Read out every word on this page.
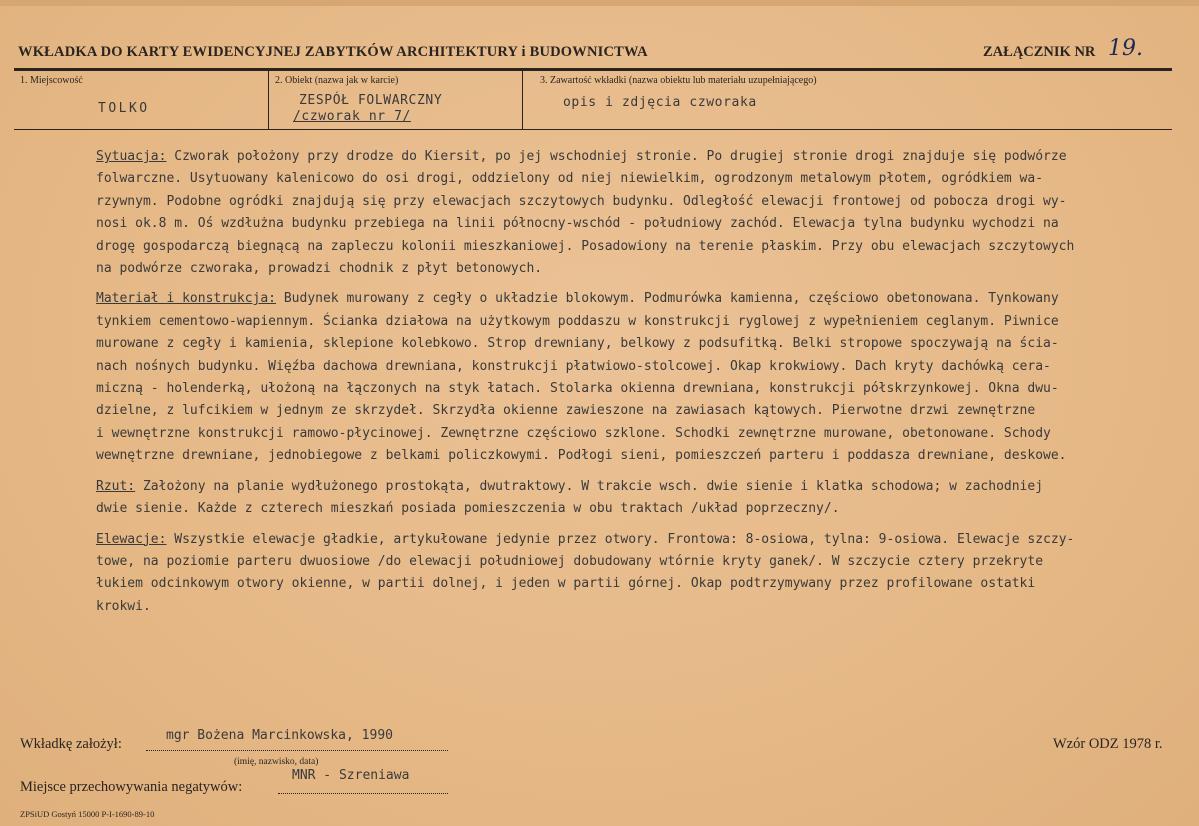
WKŁADKA DO KARTY EWIDENCYJNEJ ZABYTKÓW ARCHITEKTURY i BUDOWNICTWA	ZAŁĄCZNIK NR 19.
1. Miejscowość
TOLKO
2. Obiekt (nazwa jak w karcie)
ZESPÓŁ FOLWARCZNY
/czworak nr 7/
3. Zawartość wkładki (nazwa obiektu lub materiału uzupełniającego)
opis i zdjęcia czworaka

Sytuacja: Czworak położony przy drodze do Kiersit, po jej wschodniej stronie. Po drugiej stronie drogi znajduje się podwórze
folwarczne. Usytuowany kalenicowo do osi drogi, oddzielony od niej niewielkim, ogrodzonym metalowym płotem, ogródkiem wa-
rzywnym. Podobne ogródki znajdują się przy elewacjach szczytowych budynku. Odległość elewacji frontowej od pobocza drogi wy-
nosi ok.8 m. Oś wzdłużna budynku przebiega na linii północny-wschód - południowy zachód. Elewacja tylna budynku wychodzi na
drogę gospodarczą biegnącą na zapleczu kolonii mieszkaniowej. Posadowiony na terenie płaskim. Przy obu elewacjach szczytowych
na podwórze czworaka, prowadzi chodnik z płyt betonowych.

Materiał i konstrukcja: Budynek murowany z cegły o układzie blokowym. Podmurówka kamienna, częściowo obetonowana. Tynkowany
tynkiem cementowo-wapiennym. Ścianka działowa na użytkowym poddaszu w konstrukcji ryglowej z wypełnieniem ceglanym. Piwnice
murowane z cegły i kamienia, sklepione kolebkowo. Strop drewniany, belkowy z podsufitką. Belki stropowe spoczywają na ścia-
nach nośnych budynku. Więźba dachowa drewniana, konstrukcji płatwiowo-stolcowej. Okap krokwiowy. Dach kryty dachówką cera-
miczną - holenderką, ułożoną na łączonych na styk łatach. Stolarka okienna drewniana, konstrukcji półskrzynkowej. Okna dwu-
dzielne, z lufcikiem w jednym ze skrzydeł. Skrzydła okienne zawieszone na zawiasach kątowych. Pierwotne drzwi zewnętrzne
i wewnętrzne konstrukcji ramowo-płycinowej. Zewnętrzne częściowo szklone. Schodki zewnętrzne murowane, obetonowane. Schody
wewnętrzne drewniane, jednobiegowe z belkami policzkowymi. Podłogi sieni, pomieszczeń parteru i poddasza drewniane, deskowe.

Rzut: Założony na planie wydłużonego prostokąta, dwutraktowy. W trakcie wsch. dwie sienie i klatka schodowa; w zachodniej
dwie sienie. Każde z czterech mieszkań posiada pomieszczenia w obu traktach /układ poprzeczny/.

Elewacje: Wszystkie elewacje gładkie, artykułowane jedynie przez otwory. Frontowa: 8-osiowa, tylna: 9-osiowa. Elewacje szczy-
towe, na poziomie parteru dwuosiowe /do elewacji południowej dobudowany wtórnie kryty ganek/. W szczycie cztery przekryte
łukiem odcinkowym otwory okienne, w partii dolnej, i jeden w partii górnej. Okap podtrzymywany przez profilowane ostatki
krokwi.

Wkładkę założył:
mgr Bożena Marcinkowska, 1990
(imię, nazwisko, data)
Wzór ODZ 1978 r.
Miejsce przechowywania negatywów:
MNR - Szreniawa
ZPSiUD Gostyń 15000 P-I-1690-89-10
